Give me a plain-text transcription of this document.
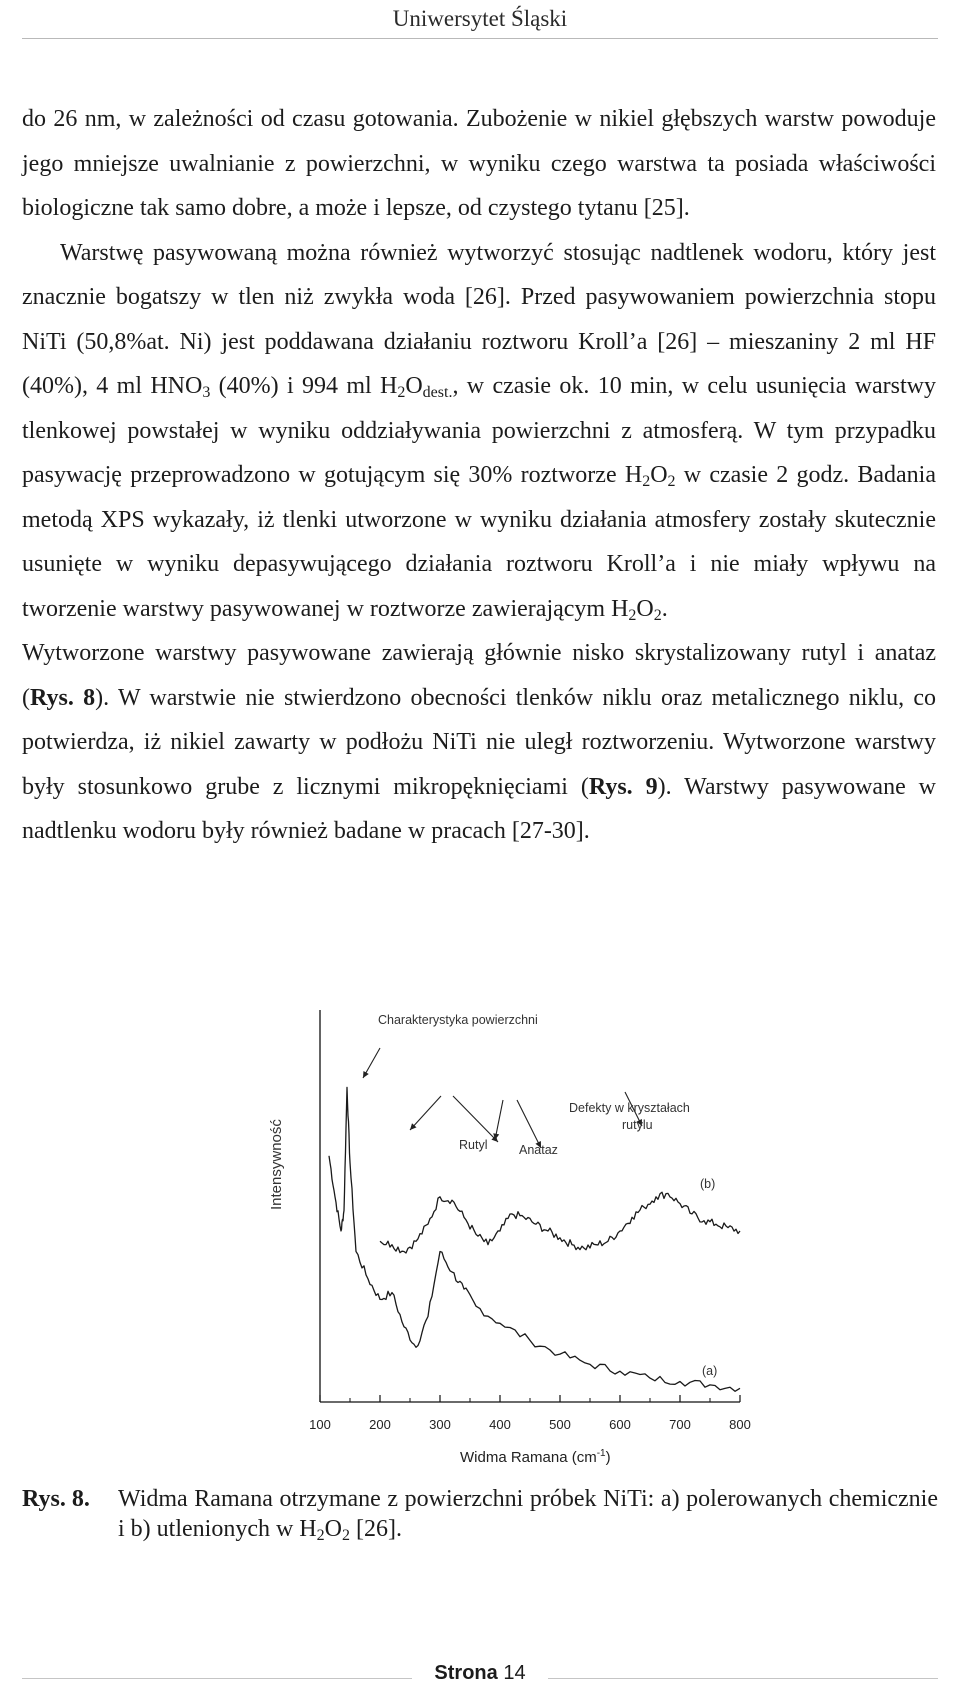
Uniwersytet Śląski

do 26 nm, w zależności od czasu gotowania. Zubożenie w nikiel głębszych warstw powoduje jego mniejsze uwalnianie z powierzchni, w wyniku czego warstwa ta posiada właściwości biologiczne tak samo dobre, a może i lepsze, od czystego tytanu [25].

Warstwę pasywowaną można również wytworzyć stosując nadtlenek wodoru, który jest znacznie bogatszy w tlen niż zwykła woda [26]. Przed pasywowaniem powierzchnia stopu NiTi (50,8%at. Ni) jest poddawana działaniu roztworu Kroll’a [26] – mieszaniny 2 ml HF (40%), 4 ml $HNO_3$ (40%) i 994 ml $H_2O_{dest.}$, w czasie ok. 10 min, w celu usunięcia warstwy tlenkowej powstałej w wyniku oddziaływania powierzchni z atmosferą. W tym przypadku pasywację przeprowadzono w gotującym się 30% roztworze $H_2O_2$ w czasie 2 godz. Badania metodą XPS wykazały, iż tlenki utworzone w wyniku działania atmosfery zostały skutecznie usunięte w wyniku depasywującego działania roztworu Kroll’a i nie miały wpływu na tworzenie warstwy pasywowanej w roztworze zawierającym $H_2O_2$.

Wytworzone warstwy pasywowane zawierają głównie nisko skrystalizowany rutyl i anataz (Rys. 8). W warstwie nie stwierdzono obecności tlenków niklu oraz metalicznego niklu, co potwierdza, iż nikiel zawarty w podłożu NiTi nie uległ roztworzeniu. Wytworzone warstwy były stosunkowo grube z licznymi mikropęknięciami (Rys. 9). Warstwy pasywowane w nadtlenku wodoru były również badane w pracach [27-30].

Intensywność
Widma Ramana $(cm^{-1})$
Charakterystyka powierzchni
Defekty w kryształach
rutylu
Rutyl	Anataz
(b)
(a)
100	200	300	400	500	600	700	800
Rys. 8. Widma Ramana otrzymane z powierzchni próbek NiTi: a) polerowanych chemicznie i b) utlenionych w $H_2O_2$ [26].
Strona 14
